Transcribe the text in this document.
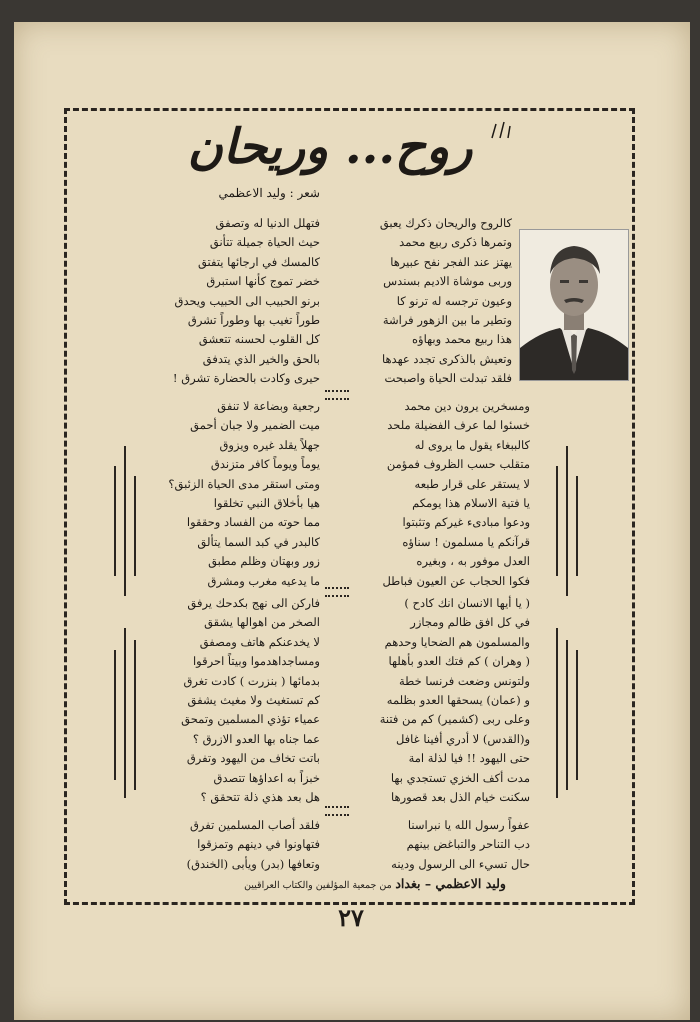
روح... وريحان
شعر : وليد الاعظمي
كالروح والريحان ذكرك يعبق
وتمرها ذكرى ربيع محمد
يهتز عند الفجر نفح عبيرها
وربى موشاة الاديم بسندس
وعيون ترجسه له ترنو كا
وتطير ما بين الزهور فراشة
هذا ربيع محمد وبهاؤه
وتعيش بالذكرى تجدد عهدها
فلقد تبدلت الحياة واصبحت
ومسخرين يرون دين محمد
خسئوا لما عرف الفضيلة ملحد
كالببغاء يقول ما يروى له
متقلب حسب الظروف فمؤمن
لا يستقر على قرار طبعه
يا فتية الاسلام هذا يومكم
ودعوا مبادىء غيركم وتثبتوا
قرآنكم يا مسلمون ! سناؤه
العدل موفور به ، وبغيره
فكوا الحجاب عن العيون فباطل
( يا أيها الانسان انك كادح )
في كل افق ظالم ومجازر
والمسلمون هم الضحايا وحدهم
( وهران ) كم فتك العدو بأهلها
ولتونس وضعت فرنسا خطة
و (عمان) يسحقها العدو بظلمه
وعلى ربى (كشمير) كم من فتنة
و(القدس) لا أدري أفينا غافل
حتى اليهود !! فيا لذلة امة
مدت أكف الخزي تستجدي بها
سكنت خيام الذل بعد قصورها
عفواً رسول الله يا نبراسنا
دب التناحر والتباغض بينهم
حال تسيء الى الرسول ودينه
فتهلل الدنيا له وتصفق
حيث الحياة جميلة تتأنق
كالمسك في ارجائها يتفتق
خضر تموج كأنها استبرق
برنو الحبيب الى الحبيب ويحدق
طوراً تغيب بها وطوراً تشرق
كل القلوب لحسنه تتعشق
بالحق والخير الذي يتدفق
حيرى وكادت بالحضارة تشرق !
رجعية وبضاعة لا تنفق
ميت الضمير ولا جبان أحمق
جهلاً يقلد غيره ويزوق
يوماً ويوماً كافر متزندق
ومتى استقر مدى الحياة الزئبق؟
هيا بأخلاق النبي تخلقوا
مما حوته من الفساد وحققوا
كالبدر في كبد السما يتألق
زور وبهتان وظلم مطبق
ما يدعيه مغرب ومشرق
فاركن الى نهج بكدحك يرفق
الصخر من اهوالها يشقق
لا يخدعنكم هاتف ومصفق
ومساجداهدموا وبيتاً احرقوا
بدمائها ( بنزرت ) كادت تغرق
كم تستغيث ولا مغيث يشفق
عمياء تؤذي المسلمين وتمحق
عما جناه بها العدو الازرق ؟
باتت تخاف من اليهود وتفرق
خبزاً به اعداؤها تتصدق
هل بعد هذي ذلة تتحقق ؟
فلقد أصاب المسلمين تفرق
فتهاونوا في دينهم وتمزقوا
وتعافها (بدر) ويأبى (الخندق)
وليد الاعظمي – بغداد من جمعية المؤلفين والكتاب العراقيين
٢٧
